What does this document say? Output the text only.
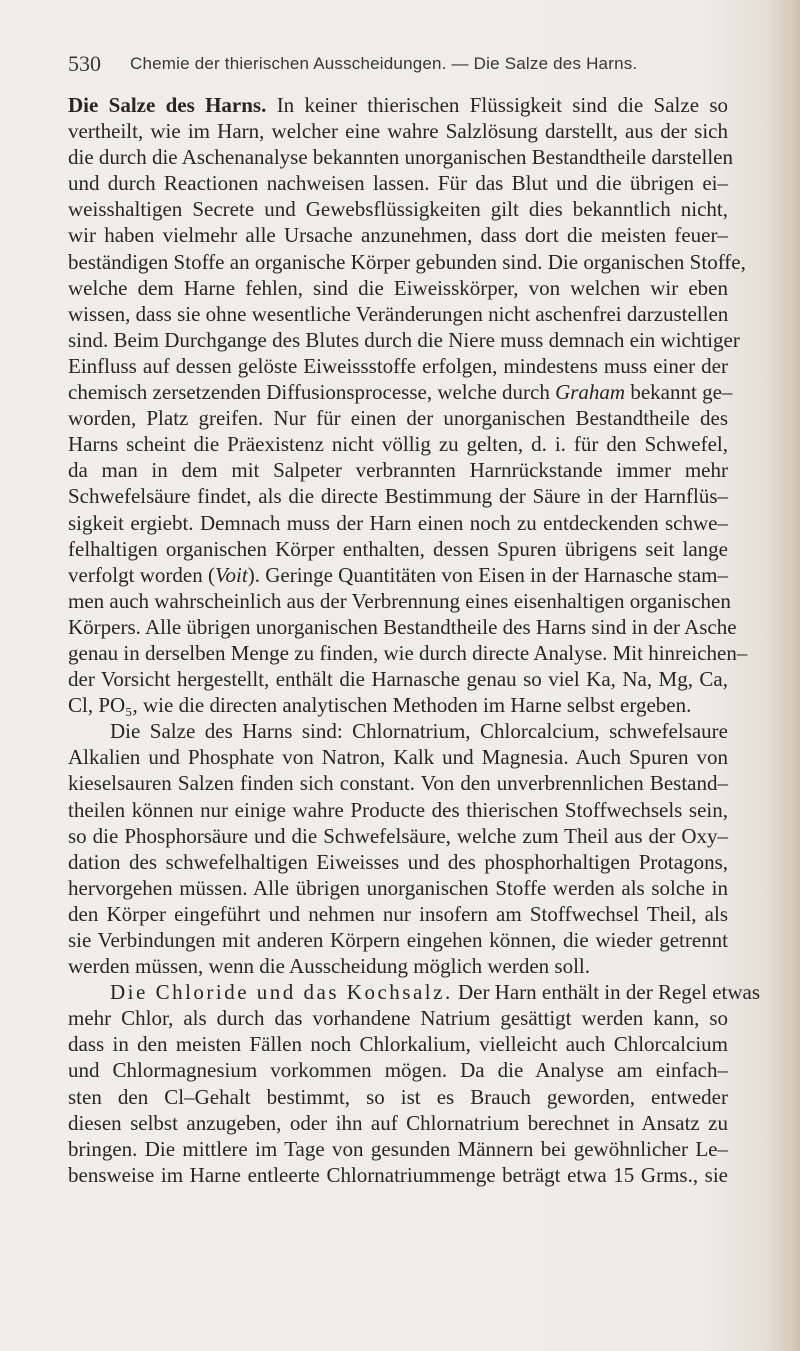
530 Chemie der thierischen Ausscheidungen. — Die Salze des Harns.
Die Salze des Harns. In keiner thierischen Flüssigkeit sind die Salze so
vertheilt, wie im Harn, welcher eine wahre Salzlösung darstellt, aus der sich
die durch die Aschenanalyse bekannten unorganischen Bestandtheile darstellen
und durch Reactionen nachweisen lassen. Für das Blut und die übrigen ei–
weisshaltigen Secrete und Gewebsflüssigkeiten gilt dies bekanntlich nicht,
wir haben vielmehr alle Ursache anzunehmen, dass dort die meisten feuer–
beständigen Stoffe an organische Körper gebunden sind. Die organischen Stoffe,
welche dem Harne fehlen, sind die Eiweisskörper, von welchen wir eben
wissen, dass sie ohne wesentliche Veränderungen nicht aschenfrei darzustellen
sind. Beim Durchgange des Blutes durch die Niere muss demnach ein wichtiger
Einfluss auf dessen gelöste Eiweissstoffe erfolgen, mindestens muss einer der
chemisch zersetzenden Diffusionsprocesse, welche durch Graham bekannt ge–
worden, Platz greifen. Nur für einen der unorganischen Bestandtheile des
Harns scheint die Präexistenz nicht völlig zu gelten, d. i. für den Schwefel,
da man in dem mit Salpeter verbrannten Harnrückstande immer mehr
Schwefelsäure findet, als die directe Bestimmung der Säure in der Harnflüs–
sigkeit ergiebt. Demnach muss der Harn einen noch zu entdeckenden schwe–
felhaltigen organischen Körper enthalten, dessen Spuren übrigens seit lange
verfolgt worden (Voit). Geringe Quantitäten von Eisen in der Harnasche stam–
men auch wahrscheinlich aus der Verbrennung eines eisenhaltigen organischen
Körpers. Alle übrigen unorganischen Bestandtheile des Harns sind in der Asche
genau in derselben Menge zu finden, wie durch directe Analyse. Mit hinreichen–
der Vorsicht hergestellt, enthält die Harnasche genau so viel Ka, Na, Mg, Ca,
Cl, PO₅, wie die directen analytischen Methoden im Harne selbst ergeben.
Die Salze des Harns sind: Chlornatrium, Chlorcalcium, schwefelsaure
Alkalien und Phosphate von Natron, Kalk und Magnesia. Auch Spuren von
kieselsauren Salzen finden sich constant. Von den unverbrennlichen Bestand–
theilen können nur einige wahre Producte des thierischen Stoffwechsels sein,
so die Phosphorsäure und die Schwefelsäure, welche zum Theil aus der Oxy–
dation des schwefelhaltigen Eiweisses und des phosphorhaltigen Protagons,
hervorgehen müssen. Alle übrigen unorganischen Stoffe werden als solche in
den Körper eingeführt und nehmen nur insofern am Stoffwechsel Theil, als
sie Verbindungen mit anderen Körpern eingehen können, die wieder getrennt
werden müssen, wenn die Ausscheidung möglich werden soll.
Die Chloride und das Kochsalz. Der Harn enthält in der Regel etwas
mehr Chlor, als durch das vorhandene Natrium gesättigt werden kann, so
dass in den meisten Fällen noch Chlorkalium, vielleicht auch Chlorcalcium
und Chlormagnesium vorkommen mögen. Da die Analyse am einfach–
sten den Cl–Gehalt bestimmt, so ist es Brauch geworden, entweder
diesen selbst anzugeben, oder ihn auf Chlornatrium berechnet in Ansatz zu
bringen. Die mittlere im Tage von gesunden Männern bei gewöhnlicher Le–
bensweise im Harne entleerte Chlornatriummenge beträgt etwa 15 Grms., sie
